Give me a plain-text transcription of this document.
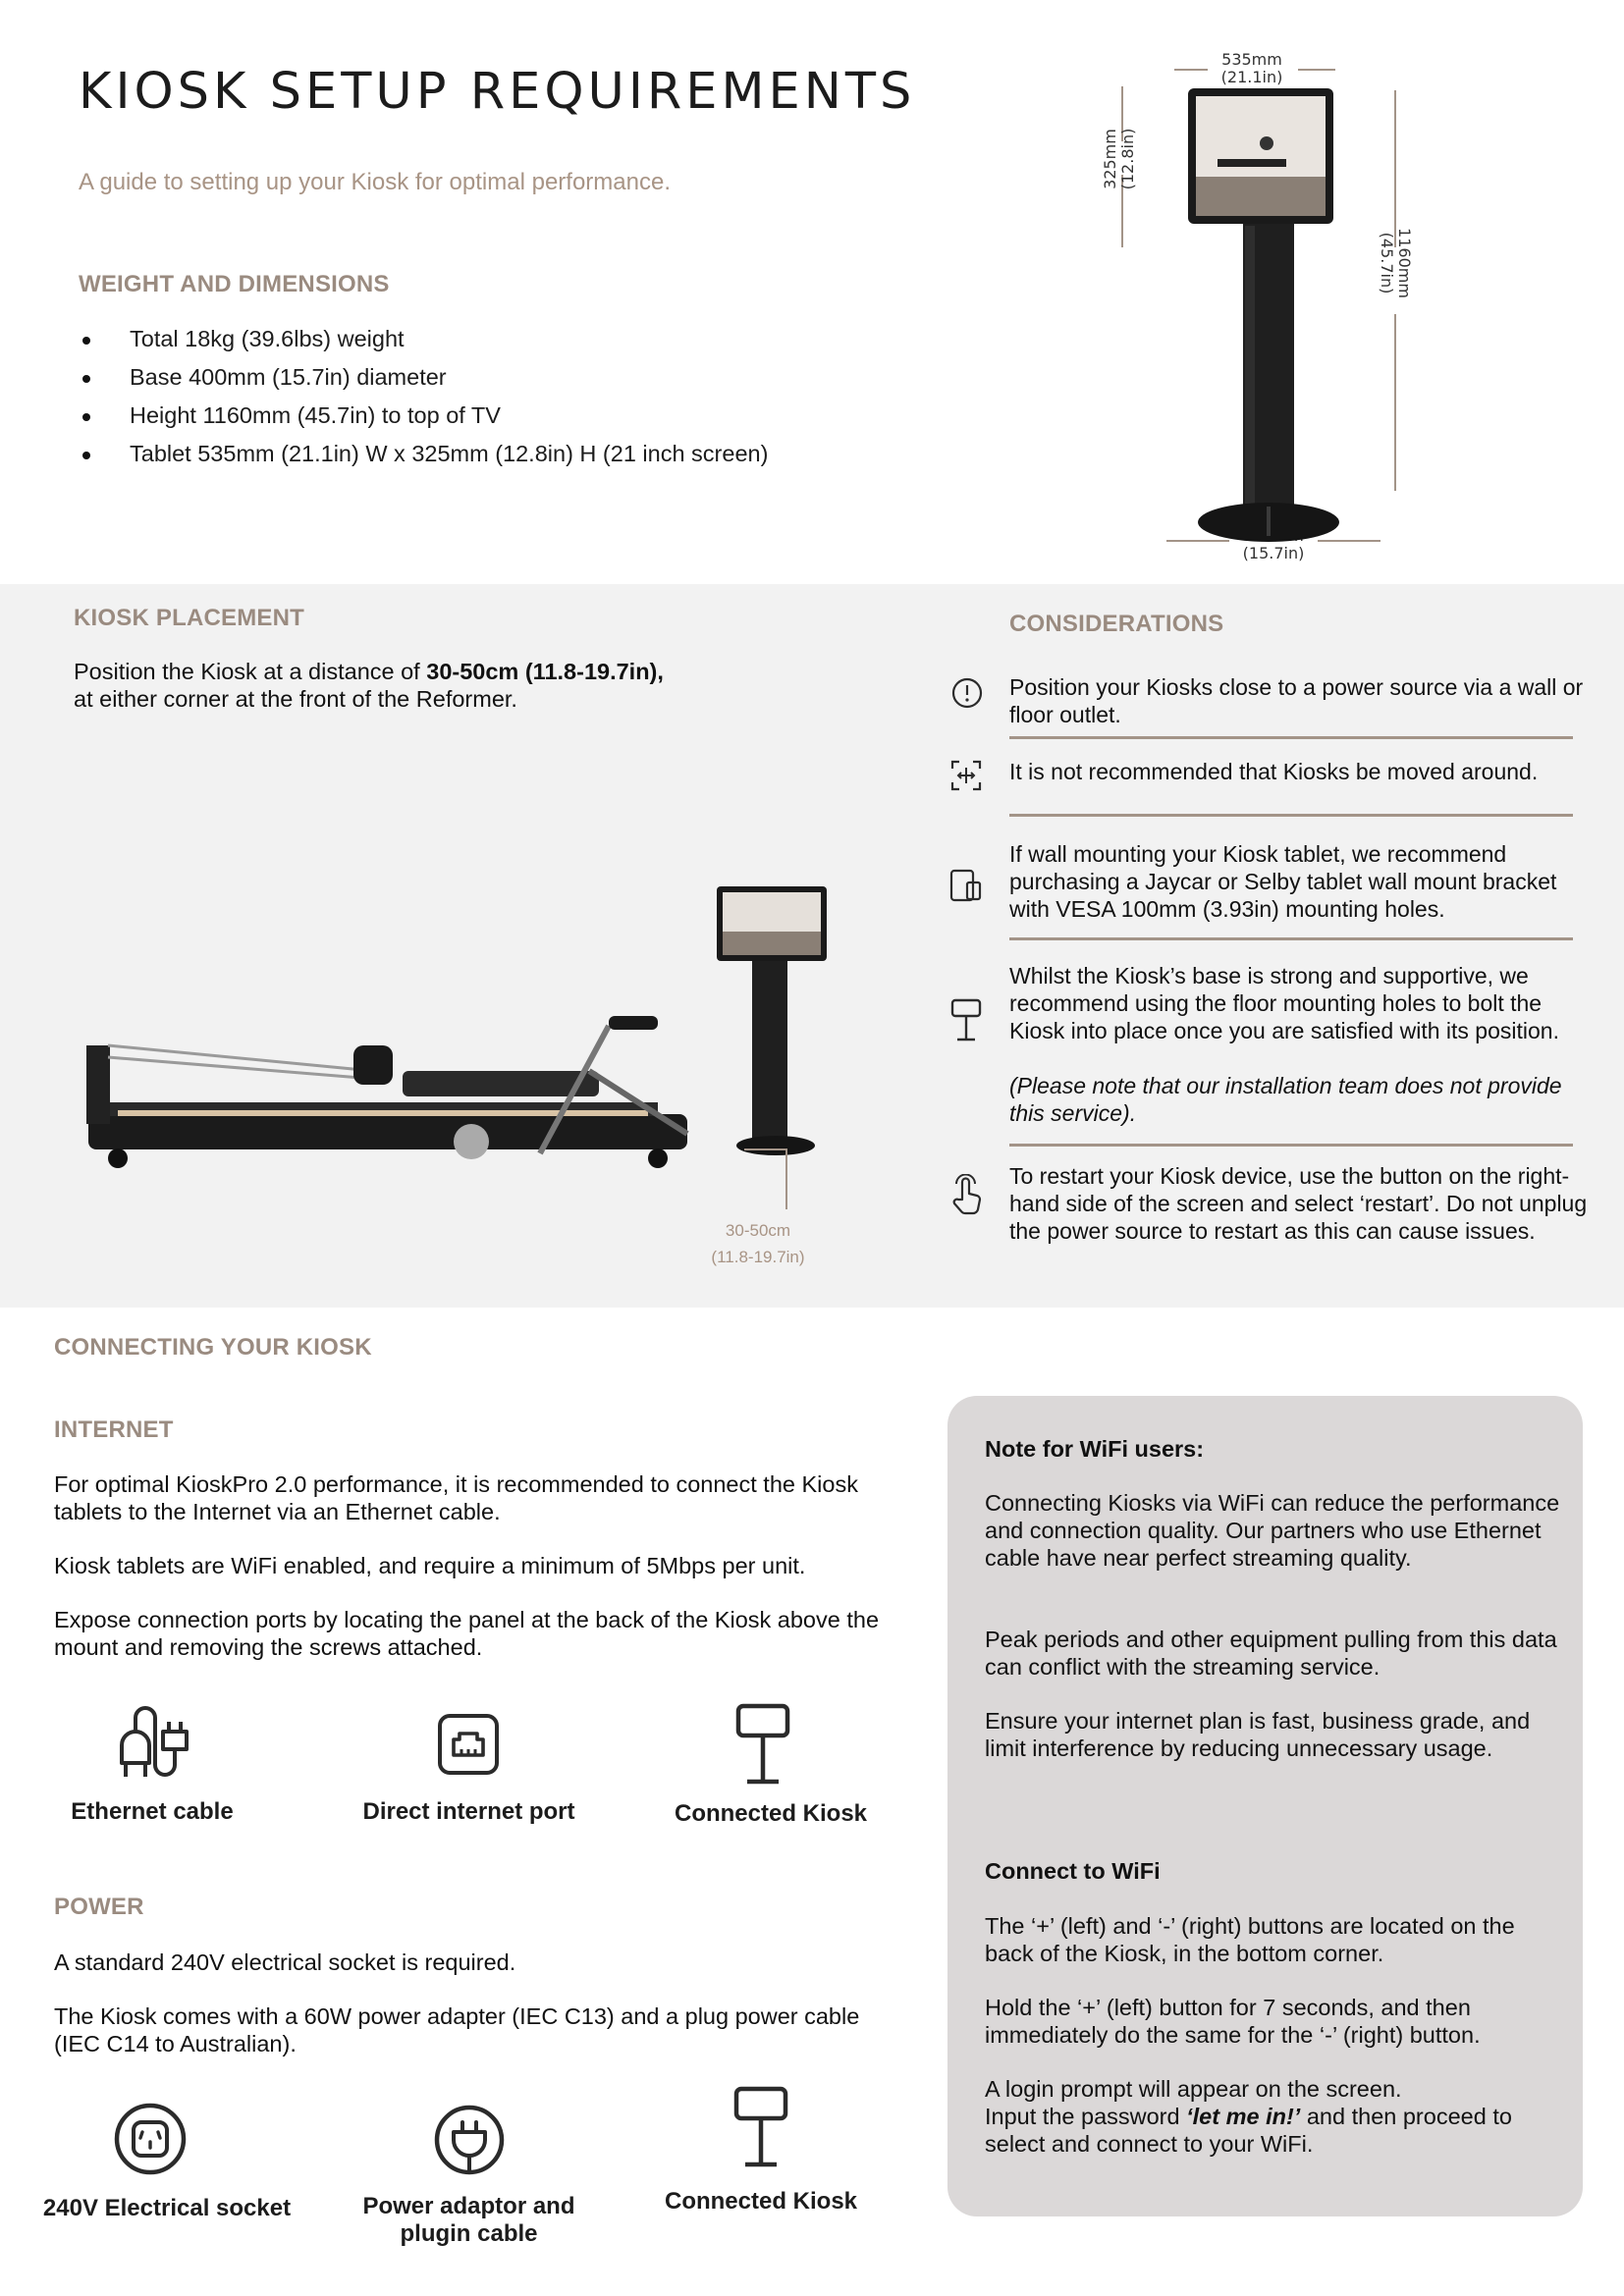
KIOSK SETUP REQUIREMENTS
A guide to setting up your Kiosk for optimal performance.
WEIGHT AND DIMENSIONS
Total 18kg (39.6lbs) weight
Base 400mm (15.7in) diameter
Height 1160mm (45.7in) to top of TV
Tablet 535mm (21.1in) W x 325mm (12.8in) H (21 inch screen)
535mm
(21.1in)
325mm (12.8in)
1160mm
(45.7in)
(15.7in)
KIOSK PLACEMENT
Position the Kiosk at a distance of 30-50cm (11.8-19.7in),
at either corner at the front of the Reformer.
30-50cm
(11.8-19.7in)
CONSIDERATIONS
Position your Kiosks close to a power source via a wall or floor outlet.
It is not recommended that Kiosks be moved around.
If wall mounting your Kiosk tablet, we recommend purchasing a Jaycar or Selby tablet wall mount bracket with VESA 100mm (3.93in) mounting holes.
Whilst the Kiosk’s base is strong and supportive, we recommend using the floor mounting holes to bolt the Kiosk into place once you are satisfied with its position.
(Please note that our installation team does not provide this service).
To restart your Kiosk device, use the button on the right-hand side of the screen and select ‘restart’. Do not unplug the power source to restart as this can cause issues.
CONNECTING YOUR KIOSK
INTERNET
For optimal KioskPro 2.0 performance, it is recommended to connect the Kiosk tablets to the Internet via an Ethernet cable.
Kiosk tablets are WiFi enabled, and require a minimum of 5Mbps per unit.
Expose connection ports by locating the panel at the back of the Kiosk above the mount and removing the screws attached.
Ethernet cable	Direct internet port	Connected Kiosk
POWER
A standard 240V electrical socket is required.
The Kiosk comes with a 60W power adapter (IEC C13) and a plug power cable (IEC C14 to Australian).
240V Electrical socket	Power adaptor and plugin cable
Connected Kiosk
Note for WiFi users:
Connecting Kiosks via WiFi can reduce the performance and connection quality. Our partners who use Ethernet cable have near perfect streaming quality.
Peak periods and other equipment pulling from this data can conflict with the streaming service.
Ensure your internet plan is fast, business grade, and limit interference by reducing unnecessary usage.
Connect to WiFi
The ‘+’ (left) and ‘-’ (right) buttons are located on the back of the Kiosk, in the bottom corner.
Hold the ‘+’ (left) button for 7 seconds, and then immediately do the same for the ‘-’ (right) button.
A login prompt will appear on the screen.
Input the password ‘let me in!’ and then proceed to select and connect to your WiFi.
